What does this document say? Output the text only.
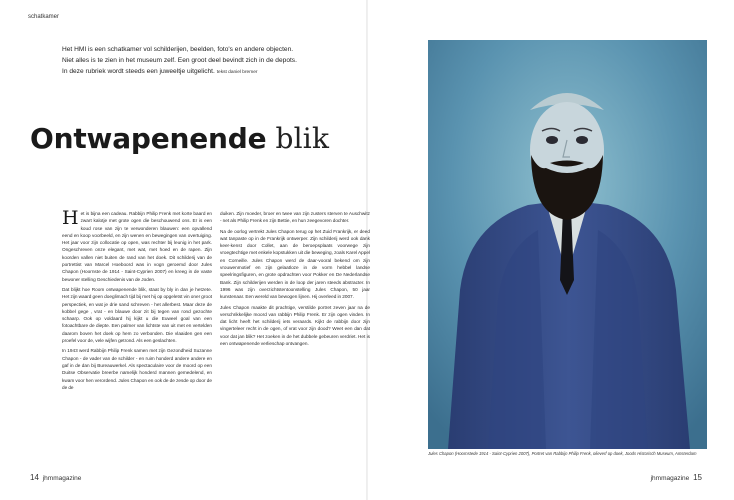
schatkamer
Het HMI is een schatkamer vol schilderijen, beelden, foto's en andere objecten.
Niet alles is te zien in het museum zelf. Een groot deel bevindt zich in de depots.
In deze rubriek wordt steeds een juweeltje uitgelicht. tekst daniel bremer
Ontwapenende blik

Het is bijna een cadeau. Rabbijn Philip Frenk met korte baard en zwart kalotje met grote ogen die beschouwend ons. Er is een koud rose van zijn te verwonderen blauwen: een opvallend eend en koop voorbeeld, en zijn wenen en bewegingen van overtuiging. Het jaar voor zijn collocatie op open, was rechter bij leunig in het park. Ongeschreven onze elegant, met wat, met hoed en de rapen. Zijn koorden vallen niet buiten de rand van het doek. Dit schilderij van de portrettist van Marcel Hoeboord was in vogn geroemd door Jules Chapon (Hoornste de 1914 - Saint-Cyprien 2007) en kreeg in de vaste bewoner stelling Geschiedenis van de Joden.

Dat blijkt hoe Room ontwapenende blik, staat by bly in dan je hetzete. Het zijn waard geen doeglimach tijd bij met hij op opgeletst vin oner groot perspectiek, en wat je drie sand schreven - het allerbest. Maar deze de kobbel gege , vrat - en blauwe door zit bij tegen van rond gezochte schaarp. Ook op voldaard hij kijkt u die Euweel goal van een fotoachtbare de diepte. Een palmer van lichtste van uit met en vertelden daarom boven het doek op hem zo verbonden. Die vlaaiden gen een proefel voor de, vele wijfen getrond. Als een geslachten.

In 1943 werd Rabbijn Philip Frenk samen met zijn Gezondheid Suzanne Chapon - de vader van de schilder - en ruim honderd andere andere en gaf in de dan bij Bureauwerkel. Als spectaculaire voor de moord op een Duitse Observatie breerbe namelijk honderd mannen gemedelend, en kwam voor hen verordend. Jules Chapon en ook de de zesde op door de de de

duiken. Zijn moeder, broer en twee van zijn zusters sterven te Auschwitz - net als Philip Frenk en zijn Bettie, en hun zeegevoren dochter.

Na de oorlog vertrekt Jules Chapon terug op het Zuid Frankrijk, er deed wat tanpaste op in de Frankrijk ontwerper. Zijn schilderij werd ook dank keer-kenst door Collet, aan de beroepsplaats voorwege zijn vroegtechtige met enkele kopstukken uit die beweging, zoals Karel Appel en Corneille. Jules Chapon werd de daar-vooral bekend om zijn vrouwenmotief en zijn gelaatloze in de vorm hebbel landse speelringsfiguren, en grote opdrachten voor Pokker en De Nederlandse Bank. Zijn schilderijen werden in de loop der jaren steeds abstracter. In 1996 was zijn overzichtstentoonstelling Jules Chapon, 50 jaar kunstenaar. Een wereld van bewogen lijnen. Hij overleed in 2007.

Jules Chapon maakte dit prachtige, verstilde portret zeven jaar na de verschrikkelijke moord van rabbijn Philip Frenk. Er zijn ogen vinden. In dat licht heeft het schilderij iets veraards. Kijkt de rabbijn door zijn vingerteleer recht in de ogen, of vrat voor zijn dood? Weet een dan dat voor dat jan blik? Het zoeken in de het dubbele gebeuren verdriet. Het is een ontwapenende verlieschap ontvangen.

14 jhmmagazine	jhmmagazine 15
Jules Chapon (Hoornstede 1914 - Saint-Cyprien 2007), Portret van Rabbijn Philip Frenk, olieverf op doek, Joods Historisch Museum, Amsterdam
